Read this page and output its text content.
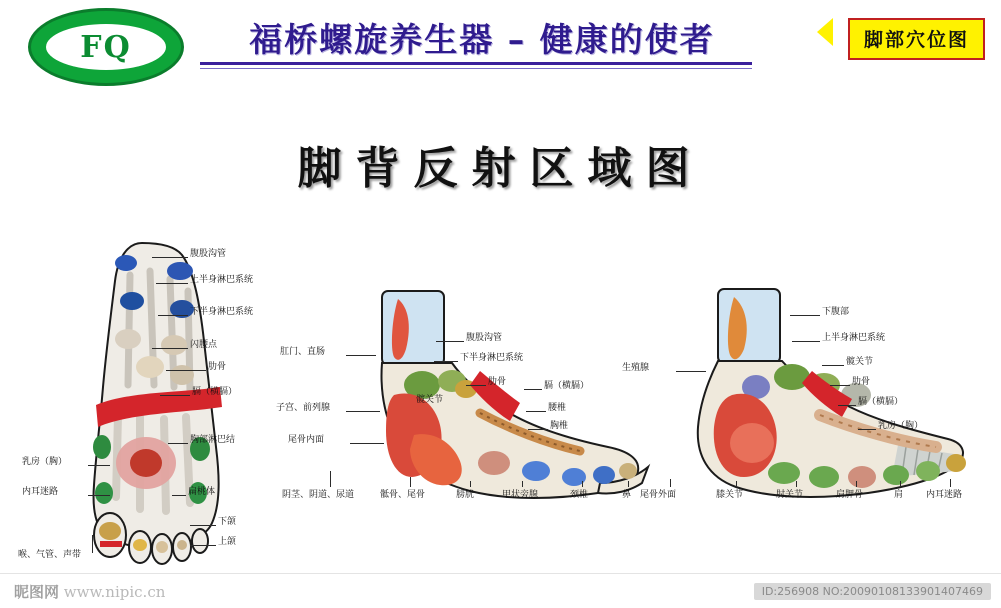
FQ	福桥螺旋养生器 – 健康的使者	脚部穴位图
脚背反射区域图
腹股沟管
上半身淋巴系统
下半身淋巴系统
闪腰点
肋骨
膈（横膈）
胸部淋巴结
乳房（胸）
内耳迷路
喉、气管、声带
扁桃体
下颌
上颌
肛门、直肠
子宫、前列腺
尾骨内面
髋关节
腹股沟管
下半身淋巴系统
肋骨	膈（横膈）
腰椎
胸椎
阴茎、阴道、尿道	骶骨、尾骨	膀胱	甲状旁腺	颈椎	鼻
生殖腺
下腹部
上半身淋巴系统
髋关节
肋骨
膈（横膈）
乳房（胸）
尾骨外面	膝关节	肘关节	肩胛骨	肩	内耳迷路
昵图网 www.nipic.cn	ID:256908 NO:20090108133901407469
